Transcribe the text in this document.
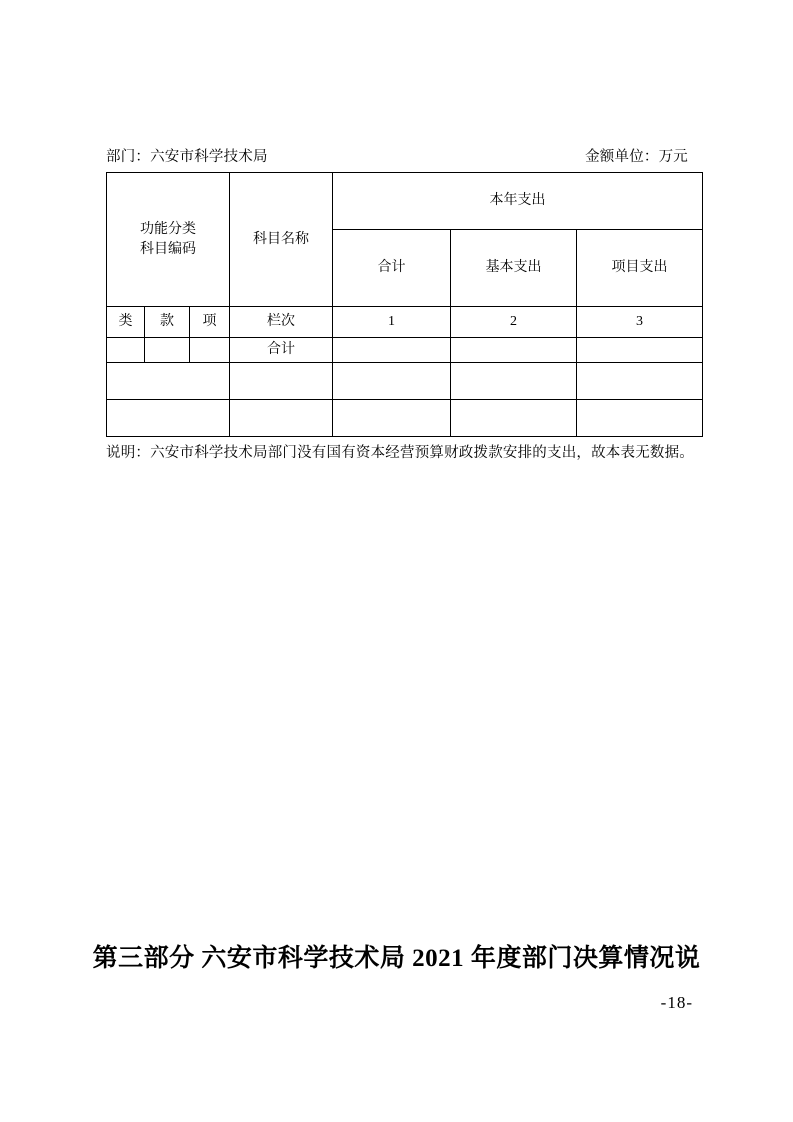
部门：六安市科学技术局	金额单位：万元
功能分类
科目编码			科目名称	本年支出		
				合计	基本支出	项目支出
类	款	项	栏次	1	2	3
			合计			

说明：六安市科学技术局部门没有国有资本经营预算财政拨款安排的支出，故本表无数据。
第三部分 六安市科学技术局 2021 年度部门决算情况说
-18-
